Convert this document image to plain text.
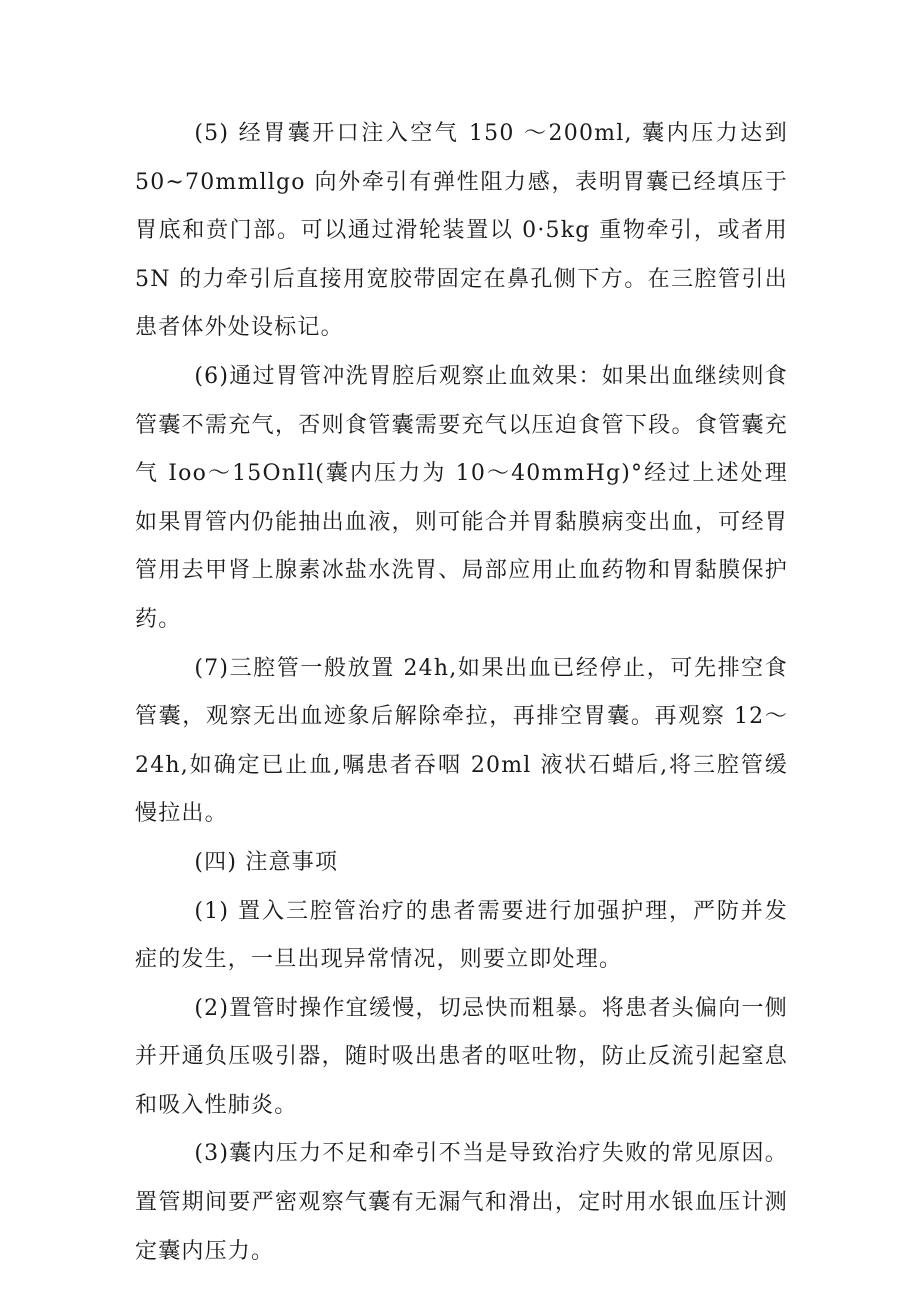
(5) 经胃囊开口注入空气 150 ～200ml, 囊内压力达到 50~70mmllgo 向外牵引有弹性阻力感，表明胃囊已经填压于胃底和贲门部。可以通过滑轮装置以 0·5kg 重物牵引，或者用 5N 的力牵引后直接用宽胶带固定在鼻孔侧下方。在三腔管引出患者体外处设标记。

(6)通过胃管冲洗胃腔后观察止血效果：如果出血继续则食管囊不需充气，否则食管囊需要充气以压迫食管下段。食管囊充气 Ioo～15OnIl(囊内压力为 10～40mmHg)°经过上述处理如果胃管内仍能抽出血液，则可能合并胃黏膜病变出血，可经胃管用去甲肾上腺素冰盐水洗胃、局部应用止血药物和胃黏膜保护药。

(7)三腔管一般放置 24h,如果出血已经停止，可先排空食管囊，观察无出血迹象后解除牵拉，再排空胃囊。再观察 12～24h,如确定已止血,嘱患者吞咽 20ml 液状石蜡后,将三腔管缓慢拉出。

(四) 注意事项

(1) 置入三腔管治疗的患者需要进行加强护理，严防并发症的发生，一旦出现异常情况，则要立即处理。

(2)置管时操作宜缓慢，切忌快而粗暴。将患者头偏向一侧并开通负压吸引器，随时吸出患者的呕吐物，防止反流引起窒息和吸入性肺炎。

(3)囊内压力不足和牵引不当是导致治疗失败的常见原因。置管期间要严密观察气囊有无漏气和滑出，定时用水银血压计测定囊内压力。
